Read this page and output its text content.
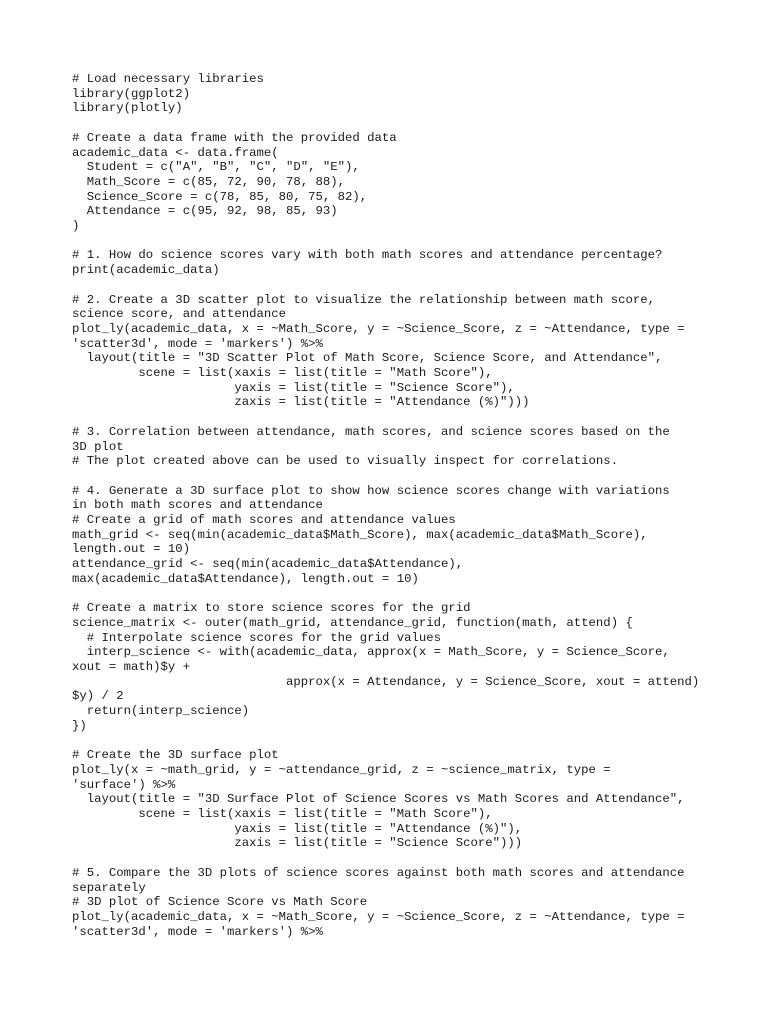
# Load necessary libraries
library(ggplot2)
library(plotly)
# Create a data frame with the provided data
academic_data <- data.frame(
Student = c("A", "B", "C", "D", "E"),
Math_Score = c(85, 72, 90, 78, 88),
Science_Score = c(78, 85, 80, 75, 82),
Attendance = c(95, 92, 98, 85, 93)
)
# 1. How do science scores vary with both math scores and attendance percentage?
print(academic_data)
# 2. Create a 3D scatter plot to visualize the relationship between math score,
science score, and attendance
plot_ly(academic_data, x = ~Math_Score, y = ~Science_Score, z = ~Attendance, type =
'scatter3d', mode = 'markers') %>%
layout(title = "3D Scatter Plot of Math Score, Science Score, and Attendance",
scene = list(xaxis = list(title = "Math Score"),
yaxis = list(title = "Science Score"),
zaxis = list(title = "Attendance (%)")))
# 3. Correlation between attendance, math scores, and science scores based on the
3D plot
# The plot created above can be used to visually inspect for correlations.
# 4. Generate a 3D surface plot to show how science scores change with variations
in both math scores and attendance
# Create a grid of math scores and attendance values
math_grid <- seq(min(academic_data$Math_Score), max(academic_data$Math_Score),
length.out = 10)
attendance_grid <- seq(min(academic_data$Attendance),
max(academic_data$Attendance), length.out = 10)
# Create a matrix to store science scores for the grid
science_matrix <- outer(math_grid, attendance_grid, function(math, attend) {
# Interpolate science scores for the grid values
interp_science <- with(academic_data, approx(x = Math_Score, y = Science_Score,
xout = math)$y +
approx(x = Attendance, y = Science_Score, xout = attend)
$y) / 2
return(interp_science)
})
# Create the 3D surface plot
plot_ly(x = ~math_grid, y = ~attendance_grid, z = ~science_matrix, type =
'surface') %>%
layout(title = "3D Surface Plot of Science Scores vs Math Scores and Attendance",
scene = list(xaxis = list(title = "Math Score"),
yaxis = list(title = "Attendance (%)"),
zaxis = list(title = "Science Score")))
# 5. Compare the 3D plots of science scores against both math scores and attendance
separately
# 3D plot of Science Score vs Math Score
plot_ly(academic_data, x = ~Math_Score, y = ~Science_Score, z = ~Attendance, type =
'scatter3d', mode = 'markers') %>%
